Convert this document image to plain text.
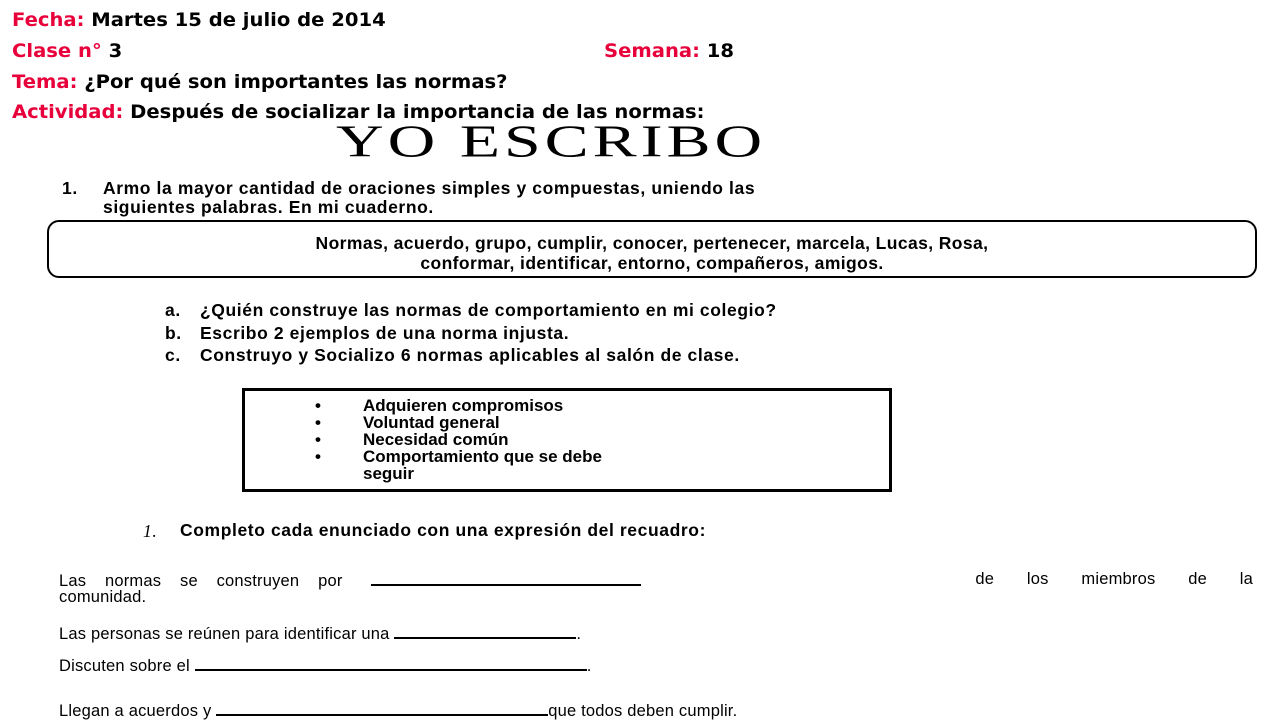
Fecha: Martes 15 de julio de 2014
Clase n° 3	Semana: 18
Tema: ¿Por qué son importantes las normas?
Actividad: Después de socializar la importancia de las normas:
YO ESCRIBO
1. Armo la mayor cantidad de oraciones simples y compuestas, uniendo las
siguientes palabras. En mi cuaderno.
Normas, acuerdo, grupo, cumplir, conocer, pertenecer, marcela, Lucas, Rosa,
conformar, identificar, entorno, compañeros, amigos.
a. ¿Quién construye las normas de comportamiento en mi colegio?
b. Escribo 2 ejemplos de una norma injusta.
c. Construyo y Socializo 6 normas aplicables al salón de clase.
• Adquieren compromisos
• Voluntad general
• Necesidad común
• Comportamiento que se debe
seguir
1. Completo cada enunciado con una expresión del recuadro:
Las normas se construyen por	de los miembros de la
comunidad.
Las personas se reúnen para identificar una	.
Discuten sobre el	.
Llegan a acuerdos y	que todos deben cumplir.
